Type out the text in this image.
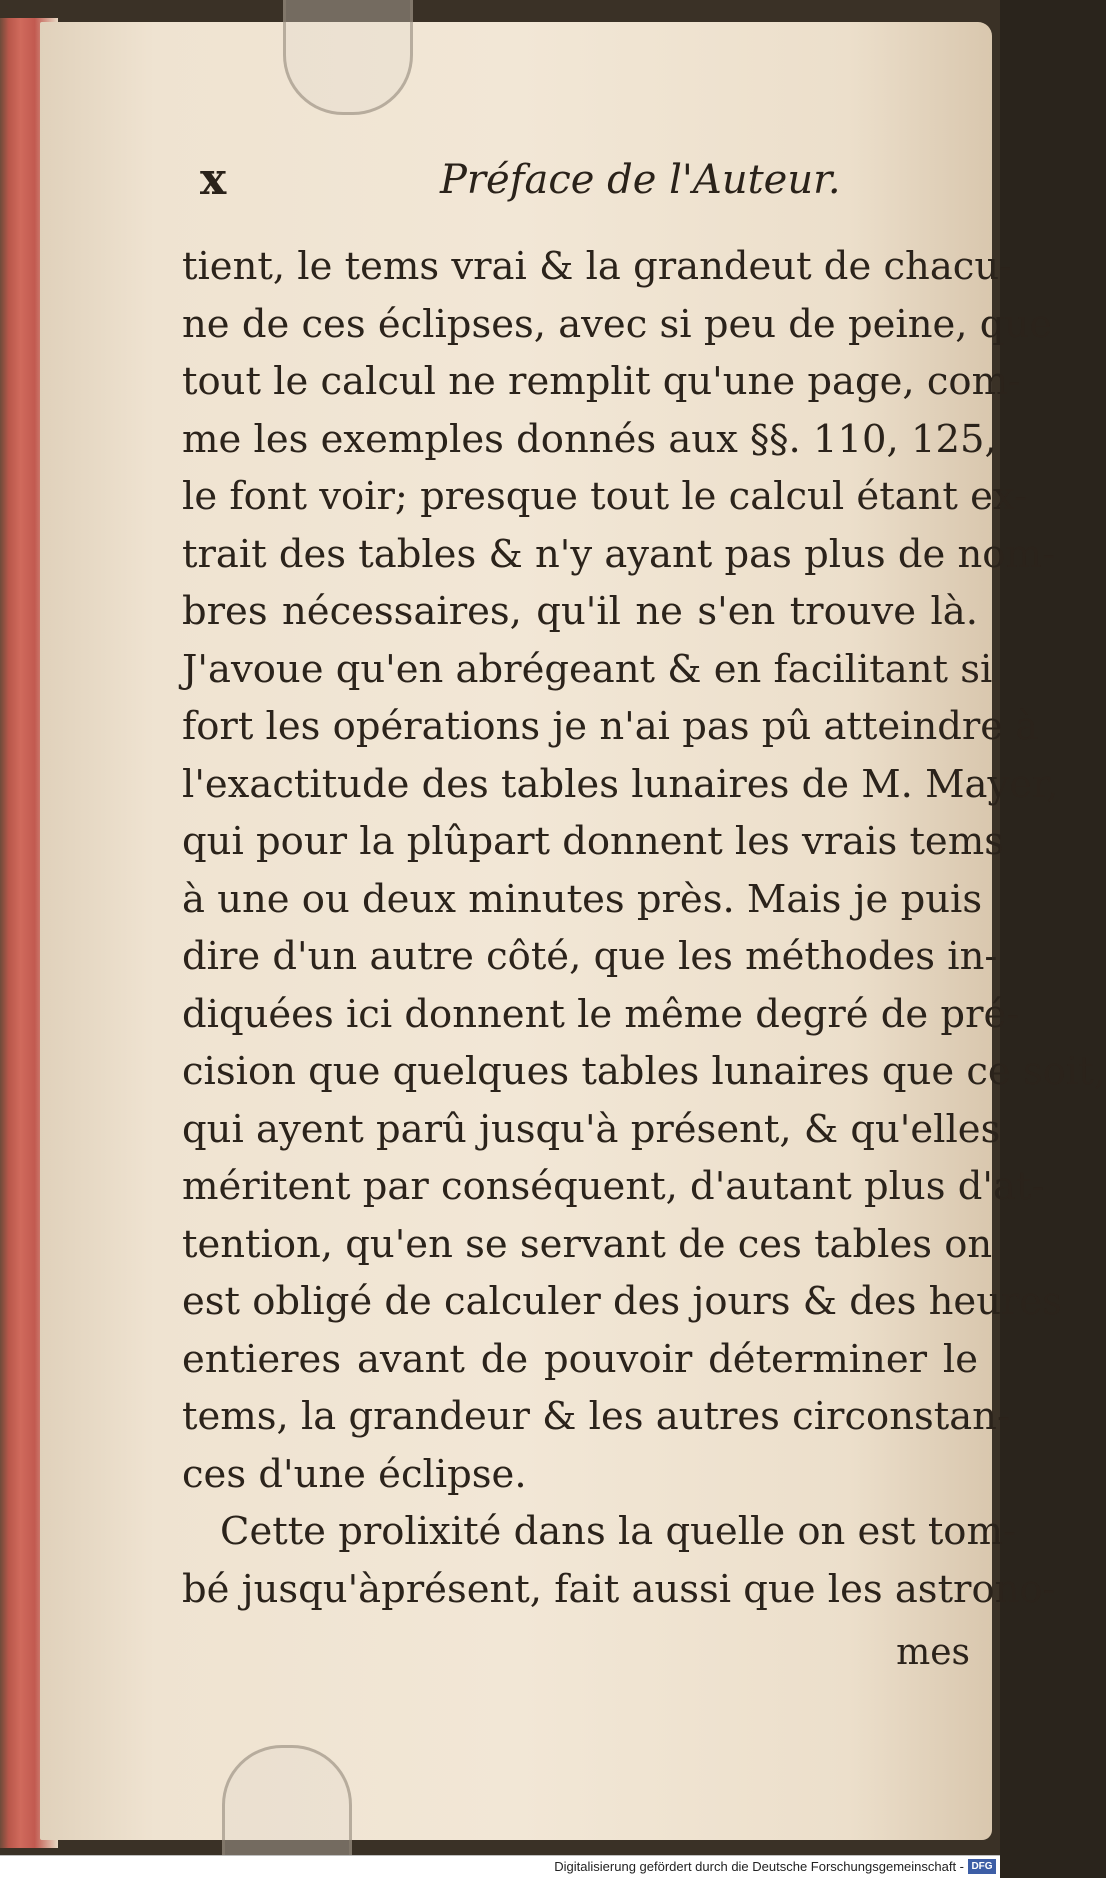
x	Préface de l'Auteur.

tient, le tems vrai & la grandeut de chacu-

ne de ces éclipses, avec si peu de peine, que

tout le calcul ne remplit qu'une page, com-

me les exemples donnés aux §§. 110, 125,

le font voir; presque tout le calcul étant ex-

trait des tables & n'y ayant pas plus de nom-

bres nécessaires, qu'il ne s'en trouve là.

J'avoue qu'en abrégeant & en facilitant si

fort les opérations je n'ai pas pû atteindre à

l'exactitude des tables lunaires de M. Mayer,

qui pour la plûpart donnent les vrais tems

à une ou deux minutes près. Mais je puis

dire d'un autre côté, que les méthodes in-

diquées ici donnent le même degré de pré-

cision que quelques tables lunaires que ce soit,

qui ayent parû jusqu'à présent, & qu'elles

méritent par conséquent, d'autant plus d'at-

tention, qu'en se servant de ces tables on

est obligé de calculer des jours & des heures

entieres avant de pouvoir déterminer le

tems, la grandeur & les autres circonstan-

ces d'une éclipse.

Cette prolixité dans la quelle on est tom-

bé jusqu'àprésent, fait aussi que les astrono-

mes
Digitalisierung gefördert durch die Deutsche Forschungsgemeinschaft - DFG
